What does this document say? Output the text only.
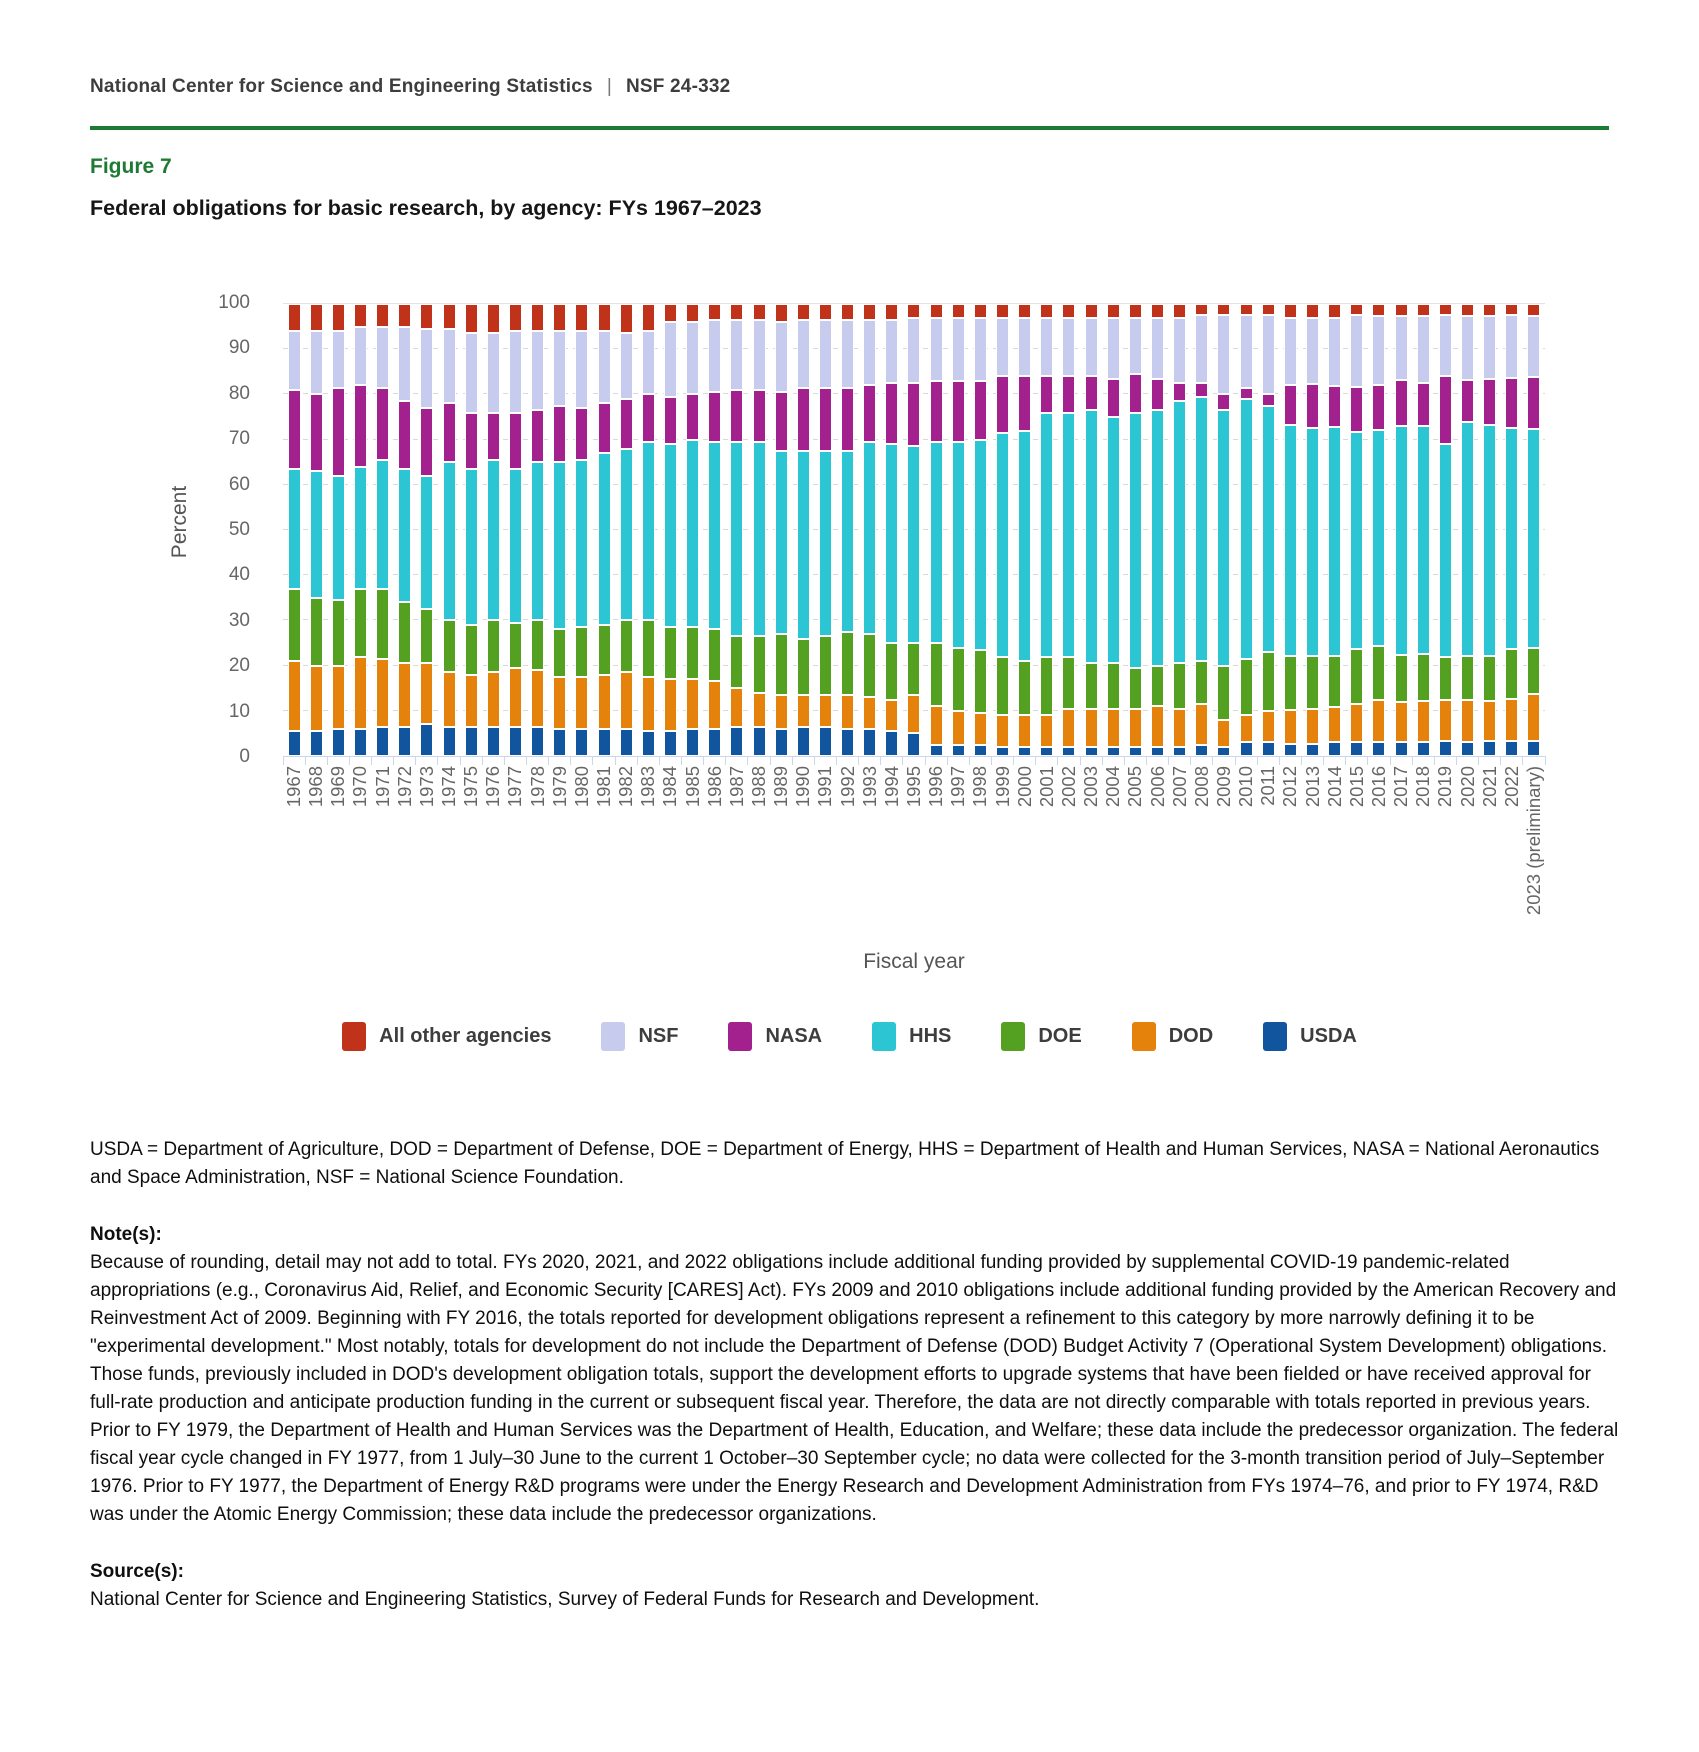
National Center for Science and Engineering Statistics | NSF 24-332
Figure 7
Federal obligations for basic research, by agency: FYs 1967–2023
Percent
0
10
20
30
40
50
60
70
80
90
100
1967 1968 1969 1970 1971 1972 1973 1974 1975 1976 1977 1978 1979 1980 1981 1982 1983 1984 1985 1986 1987 1988 1989 1990 1991 1992 1993 1994 1995 1996 1997 1998 1999 2000 2001 2002 2003 2004 2005 2006 2007 2008 2009 2010 2011 2012 2013 2014 2015 2016 2017 2018 2019 2020 2021 2022 2023 (preliminary)
Fiscal year
All other agencies	NSF	NASA	HHS	DOE	DOD	USDA
USDA = Department of Agriculture, DOD = Department of Defense, DOE = Department of Energy, HHS = Department of Health and Human Services, NASA = National Aeronautics and Space Administration, NSF = National Science Foundation.
Note(s):
Because of rounding, detail may not add to total. FYs 2020, 2021, and 2022 obligations include additional funding provided by supplemental COVID-19 pandemic-related appropriations (e.g., Coronavirus Aid, Relief, and Economic Security [CARES] Act). FYs 2009 and 2010 obligations include additional funding provided by the American Recovery and Reinvestment Act of 2009. Beginning with FY 2016, the totals reported for development obligations represent a refinement to this category by more narrowly defining it to be "experimental development." Most notably, totals for development do not include the Department of Defense (DOD) Budget Activity 7 (Operational System Development) obligations. Those funds, previously included in DOD's development obligation totals, support the development efforts to upgrade systems that have been fielded or have received approval for full-rate production and anticipate production funding in the current or subsequent fiscal year. Therefore, the data are not directly comparable with totals reported in previous years. Prior to FY 1979, the Department of Health and Human Services was the Department of Health, Education, and Welfare; these data include the predecessor organization. The federal fiscal year cycle changed in FY 1977, from 1 July–30 June to the current 1 October–30 September cycle; no data were collected for the 3-month transition period of July–September 1976. Prior to FY 1977, the Department of Energy R&D programs were under the Energy Research and Development Administration from FYs 1974–76, and prior to FY 1974, R&D was under the Atomic Energy Commission; these data include the predecessor organizations.
Source(s):
National Center for Science and Engineering Statistics, Survey of Federal Funds for Research and Development.
